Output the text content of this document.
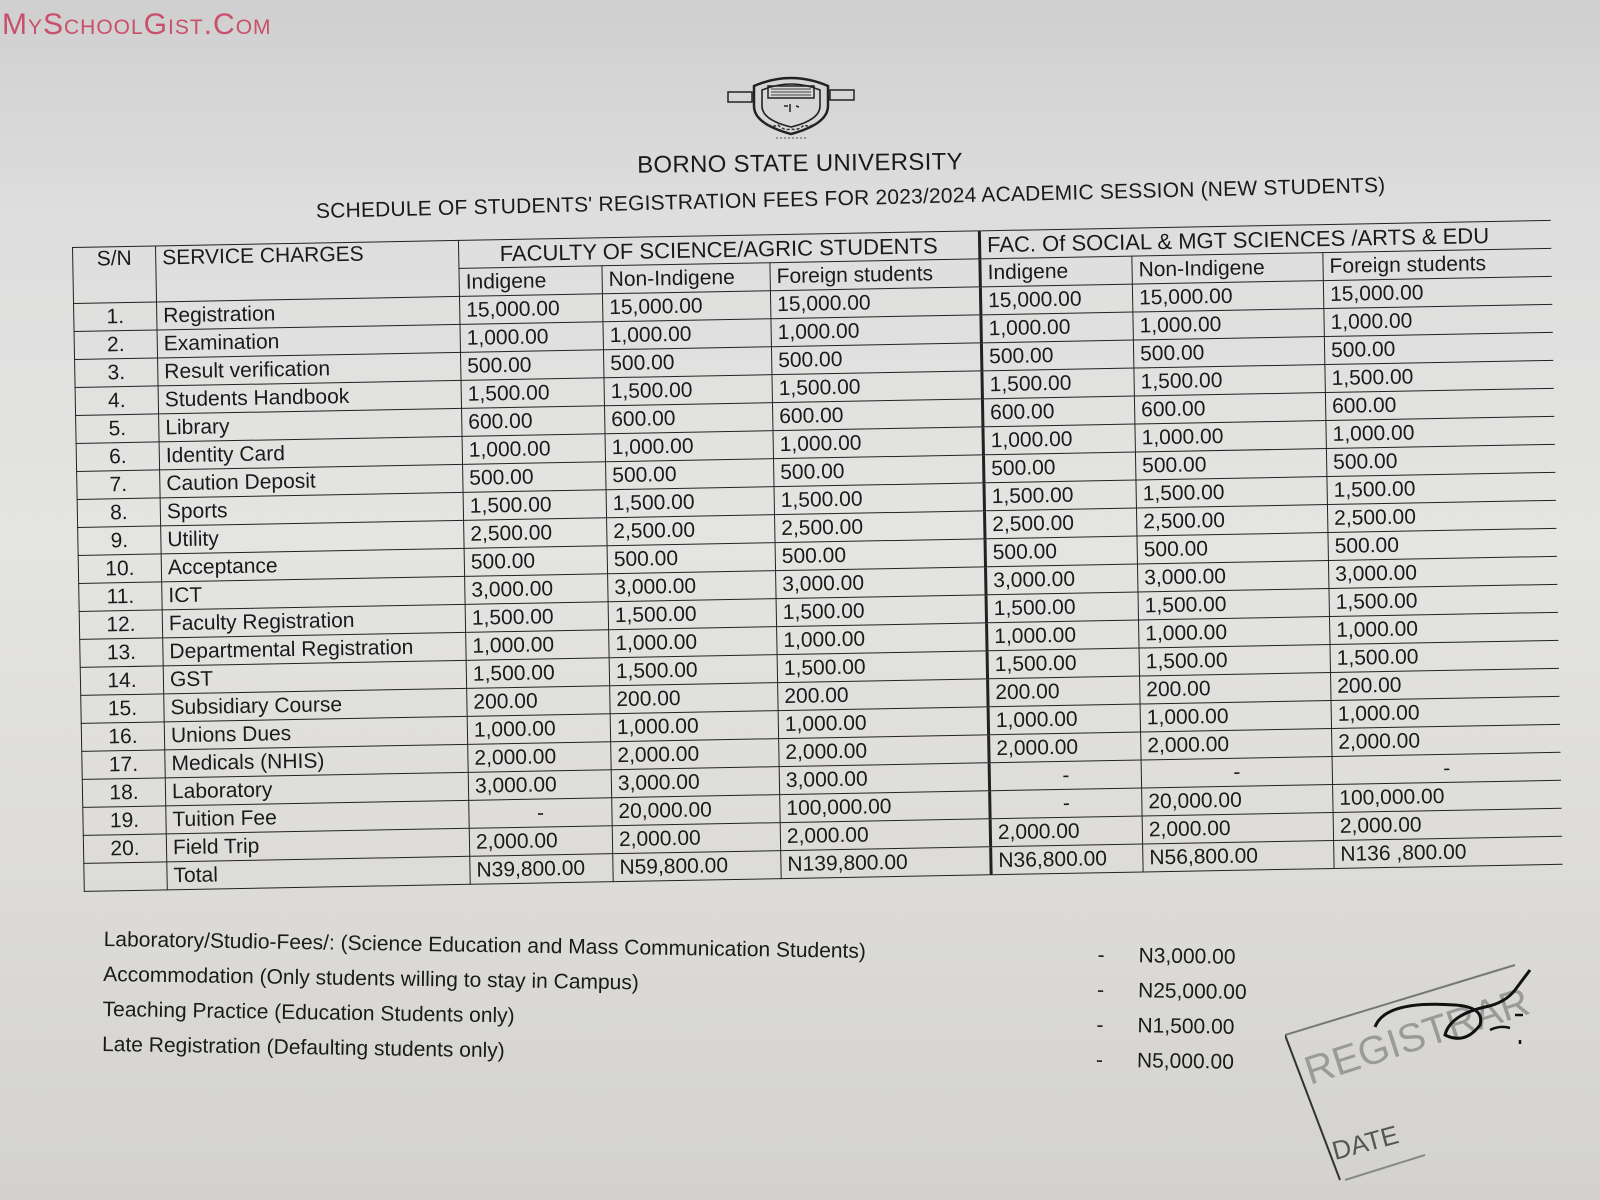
MySchoolGist.Com
BORNO STATE UNIVERSITY
SCHEDULE OF STUDENTS' REGISTRATION FEES FOR 2023/2024 ACADEMIC SESSION (NEW STUDENTS)
S/N	SERVICE CHARGES	FACULTY OF SCIENCE/AGRIC STUDENTS			FAC. Of SOCIAL & MGT SCIENCES /ARTS & EDU		
		Indigene	Non-Indigene	Foreign students	Indigene	Non-Indigene	Foreign students
1.	Registration	15,000.00	15,000.00	15,000.00	15,000.00	15,000.00	15,000.00
2.	Examination	1,000.00	1,000.00	1,000.00	1,000.00	1,000.00	1,000.00
3.	Result verification	500.00	500.00	500.00	500.00	500.00	500.00
4.	Students Handbook	1,500.00	1,500.00	1,500.00	1,500.00	1,500.00	1,500.00
5.	Library	600.00	600.00	600.00	600.00	600.00	600.00
6.	Identity Card	1,000.00	1,000.00	1,000.00	1,000.00	1,000.00	1,000.00
7.	Caution Deposit	500.00	500.00	500.00	500.00	500.00	500.00
8.	Sports	1,500.00	1,500.00	1,500.00	1,500.00	1,500.00	1,500.00
9.	Utility	2,500.00	2,500.00	2,500.00	2,500.00	2,500.00	2,500.00
10.	Acceptance	500.00	500.00	500.00	500.00	500.00	500.00
11.	ICT	3,000.00	3,000.00	3,000.00	3,000.00	3,000.00	3,000.00
12.	Faculty Registration	1,500.00	1,500.00	1,500.00	1,500.00	1,500.00	1,500.00
13.	Departmental Registration	1,000.00	1,000.00	1,000.00	1,000.00	1,000.00	1,000.00
14.	GST	1,500.00	1,500.00	1,500.00	1,500.00	1,500.00	1,500.00
15.	Subsidiary Course	200.00	200.00	200.00	200.00	200.00	200.00
16.	Unions Dues	1,000.00	1,000.00	1,000.00	1,000.00	1,000.00	1,000.00
17.	Medicals (NHIS)	2,000.00	2,000.00	2,000.00	2,000.00	2,000.00	2,000.00
18.	Laboratory	3,000.00	3,000.00	3,000.00	-	-	-
19.	Tuition Fee	-	20,000.00	100,000.00	-	20,000.00	100,000.00
20.	Field Trip	2,000.00	2,000.00	2,000.00	2,000.00	2,000.00	2,000.00
	Total	N39,800.00	N59,800.00	N139,800.00	N36,800.00	N56,800.00	N136 ,800.00
Laboratory/Studio-Fees/: (Science Education and Mass Communication Students)	-	N3,000.00
Accommodation (Only students willing to stay in Campus)	-	N25,000.00
Teaching Practice (Education Students only)	-	N1,500.00
Late Registration (Defaulting students only)	-	N5,000.00	REGISTRAR
DATE
